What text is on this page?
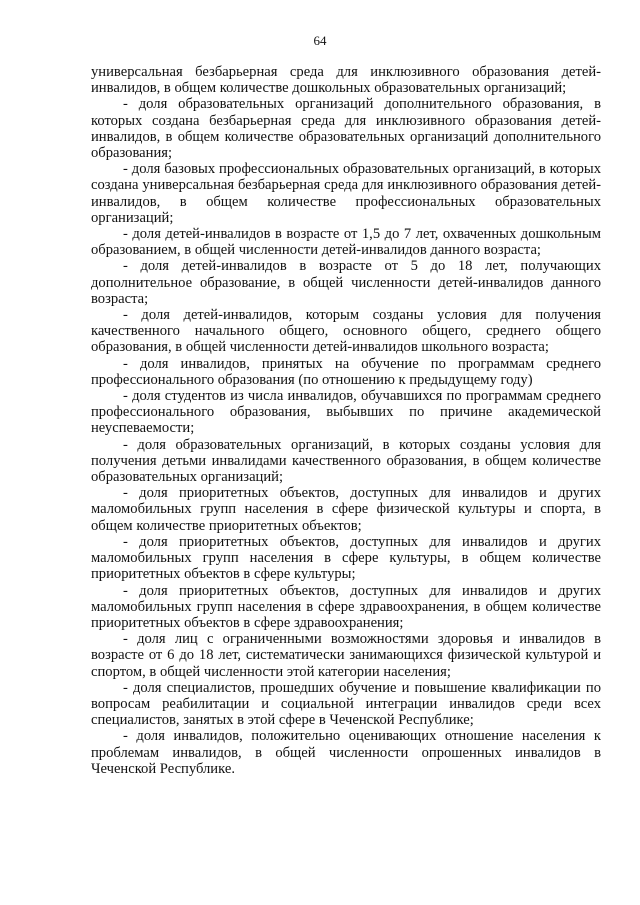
64

универсальная безбарьерная среда для инклюзивного образования детей-инвалидов, в общем количестве дошкольных образовательных организаций;

- доля образовательных организаций дополнительного образования, в которых создана безбарьерная среда для инклюзивного образования детей-инвалидов, в общем количестве образовательных организаций дополнительного образования;

- доля базовых профессиональных образовательных организаций, в которых создана универсальная безбарьерная среда для инклюзивного образования детей-инвалидов, в общем количестве профессиональных образовательных организаций;

- доля детей-инвалидов в возрасте от 1,5 до 7 лет, охваченных дошкольным образованием, в общей численности детей-инвалидов данного возраста;

- доля детей-инвалидов в возрасте от 5 до 18 лет, получающих дополнительное образование, в общей численности детей-инвалидов данного возраста;

- доля детей-инвалидов, которым созданы условия для получения качественного начального общего, основного общего, среднего общего образования, в общей численности детей-инвалидов школьного возраста;

- доля инвалидов, принятых на обучение по программам среднего профессионального образования (по отношению к предыдущему году)

- доля студентов из числа инвалидов, обучавшихся по программам среднего профессионального образования, выбывших по причине академической неуспеваемости;

- доля образовательных организаций, в которых созданы условия для получения детьми инвалидами качественного образования, в общем количестве образовательных организаций;

- доля приоритетных объектов, доступных для инвалидов и других маломобильных групп населения в сфере физической культуры и спорта, в общем количестве приоритетных объектов;

- доля приоритетных объектов, доступных для инвалидов и других маломобильных групп населения в сфере культуры, в общем количестве приоритетных объектов в сфере культуры;

- доля приоритетных объектов, доступных для инвалидов и других маломобильных групп населения в сфере здравоохранения, в общем количестве приоритетных объектов в сфере здравоохранения;

- доля лиц с ограниченными возможностями здоровья и инвалидов в возрасте от 6 до 18 лет, систематически занимающихся физической культурой и спортом, в общей численности этой категории населения;

- доля специалистов, прошедших обучение и повышение квалификации по вопросам реабилитации и социальной интеграции инвалидов среди всех специалистов, занятых в этой сфере в Чеченской Республике;

- доля инвалидов, положительно оценивающих отношение населения к проблемам инвалидов, в общей численности опрошенных инвалидов в Чеченской Республике.
